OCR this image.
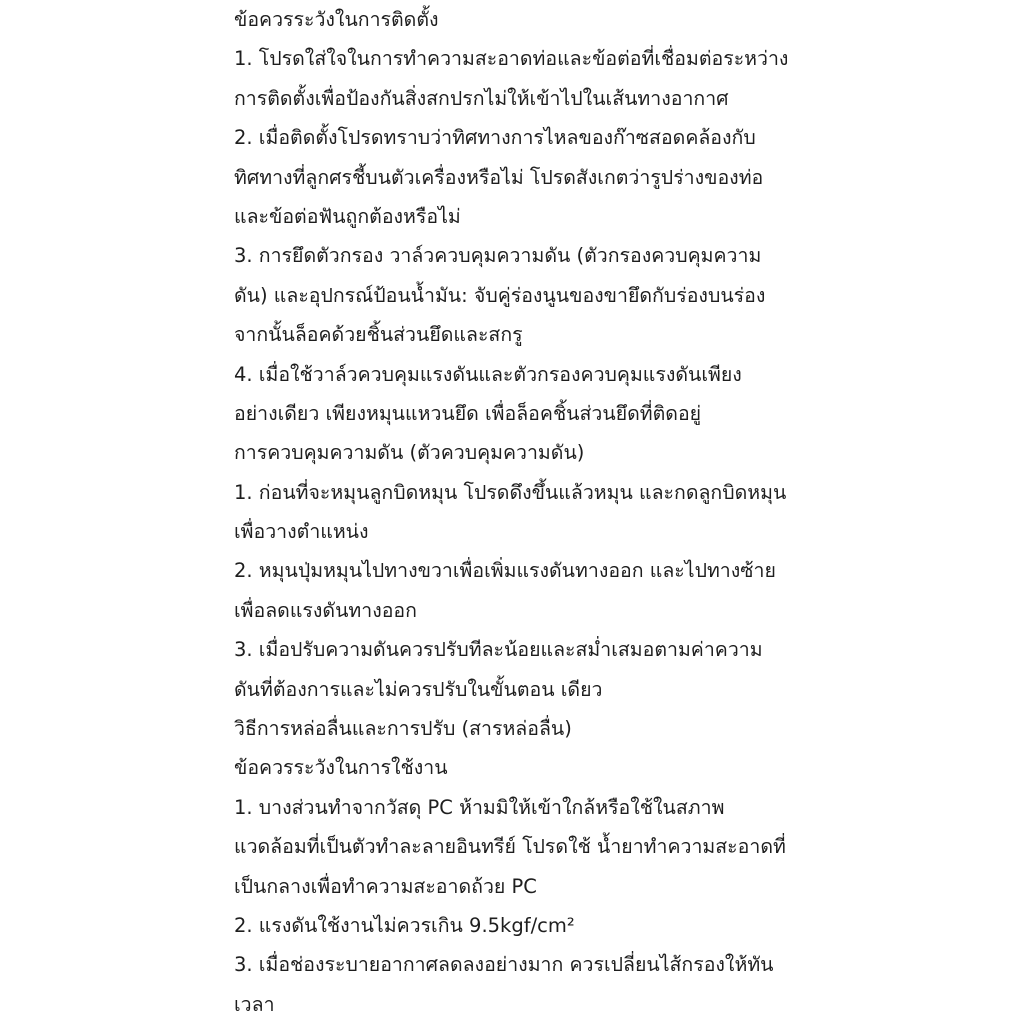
ข้อควรระวังในการติดตั้ง
1. โปรดใส่ใจในการทำความสะอาดท่อและข้อต่อที่เชื่อมต่อระหว่าง
การติดตั้งเพื่อป้องกันสิ่งสกปรกไม่ให้เข้าไปในเส้นทางอากาศ
2. เมื่อติดตั้งโปรดทราบว่าทิศทางการไหลของก๊าซสอดคล้องกับ
ทิศทางที่ลูกศรชี้บนตัวเครื่องหรือไม่ โปรดสังเกตว่ารูปร่างของท่อ
และข้อต่อฟันถูกต้องหรือไม่
3. การยึดตัวกรอง วาล์วควบคุมความดัน (ตัวกรองควบคุมความ
ดัน) และอุปกรณ์ป้อนน้ำมัน: จับคู่ร่องนูนของขายึดกับร่องบนร่อง
จากนั้นล็อคด้วยชิ้นส่วนยึดและสกรู
4. เมื่อใช้วาล์วควบคุมแรงดันและตัวกรองควบคุมแรงดันเพียง
อย่างเดียว เพียงหมุนแหวนยึด เพื่อล็อคชิ้นส่วนยึดที่ติดอยู่
การควบคุมความดัน (ตัวควบคุมความดัน)
1. ก่อนที่จะหมุนลูกบิดหมุน โปรดดึงขึ้นแล้วหมุน และกดลูกบิดหมุน
เพื่อวางตำแหน่ง
2. หมุนปุ่มหมุนไปทางขวาเพื่อเพิ่มแรงดันทางออก และไปทางซ้าย
เพื่อลดแรงดันทางออก
3. เมื่อปรับความดันควรปรับทีละน้อยและสม่ำเสมอตามค่าความ
ดันที่ต้องการและไม่ควรปรับในขั้นตอน เดียว
วิธีการหล่อลื่นและการปรับ (สารหล่อลื่น)
ข้อควรระวังในการใช้งาน
1. บางส่วนทำจากวัสดุ PC ห้ามมิให้เข้าใกล้หรือใช้ในสภาพ
แวดล้อมที่เป็นตัวทำละลายอินทรีย์ โปรดใช้ น้ำยาทำความสะอาดที่
เป็นกลางเพื่อทำความสะอาดถ้วย PC
2. แรงดันใช้งานไม่ควรเกิน 9.5kgf/cm²
3. เมื่อช่องระบายอากาศลดลงอย่างมาก ควรเปลี่ยนไส้กรองให้ทัน
เวลา
